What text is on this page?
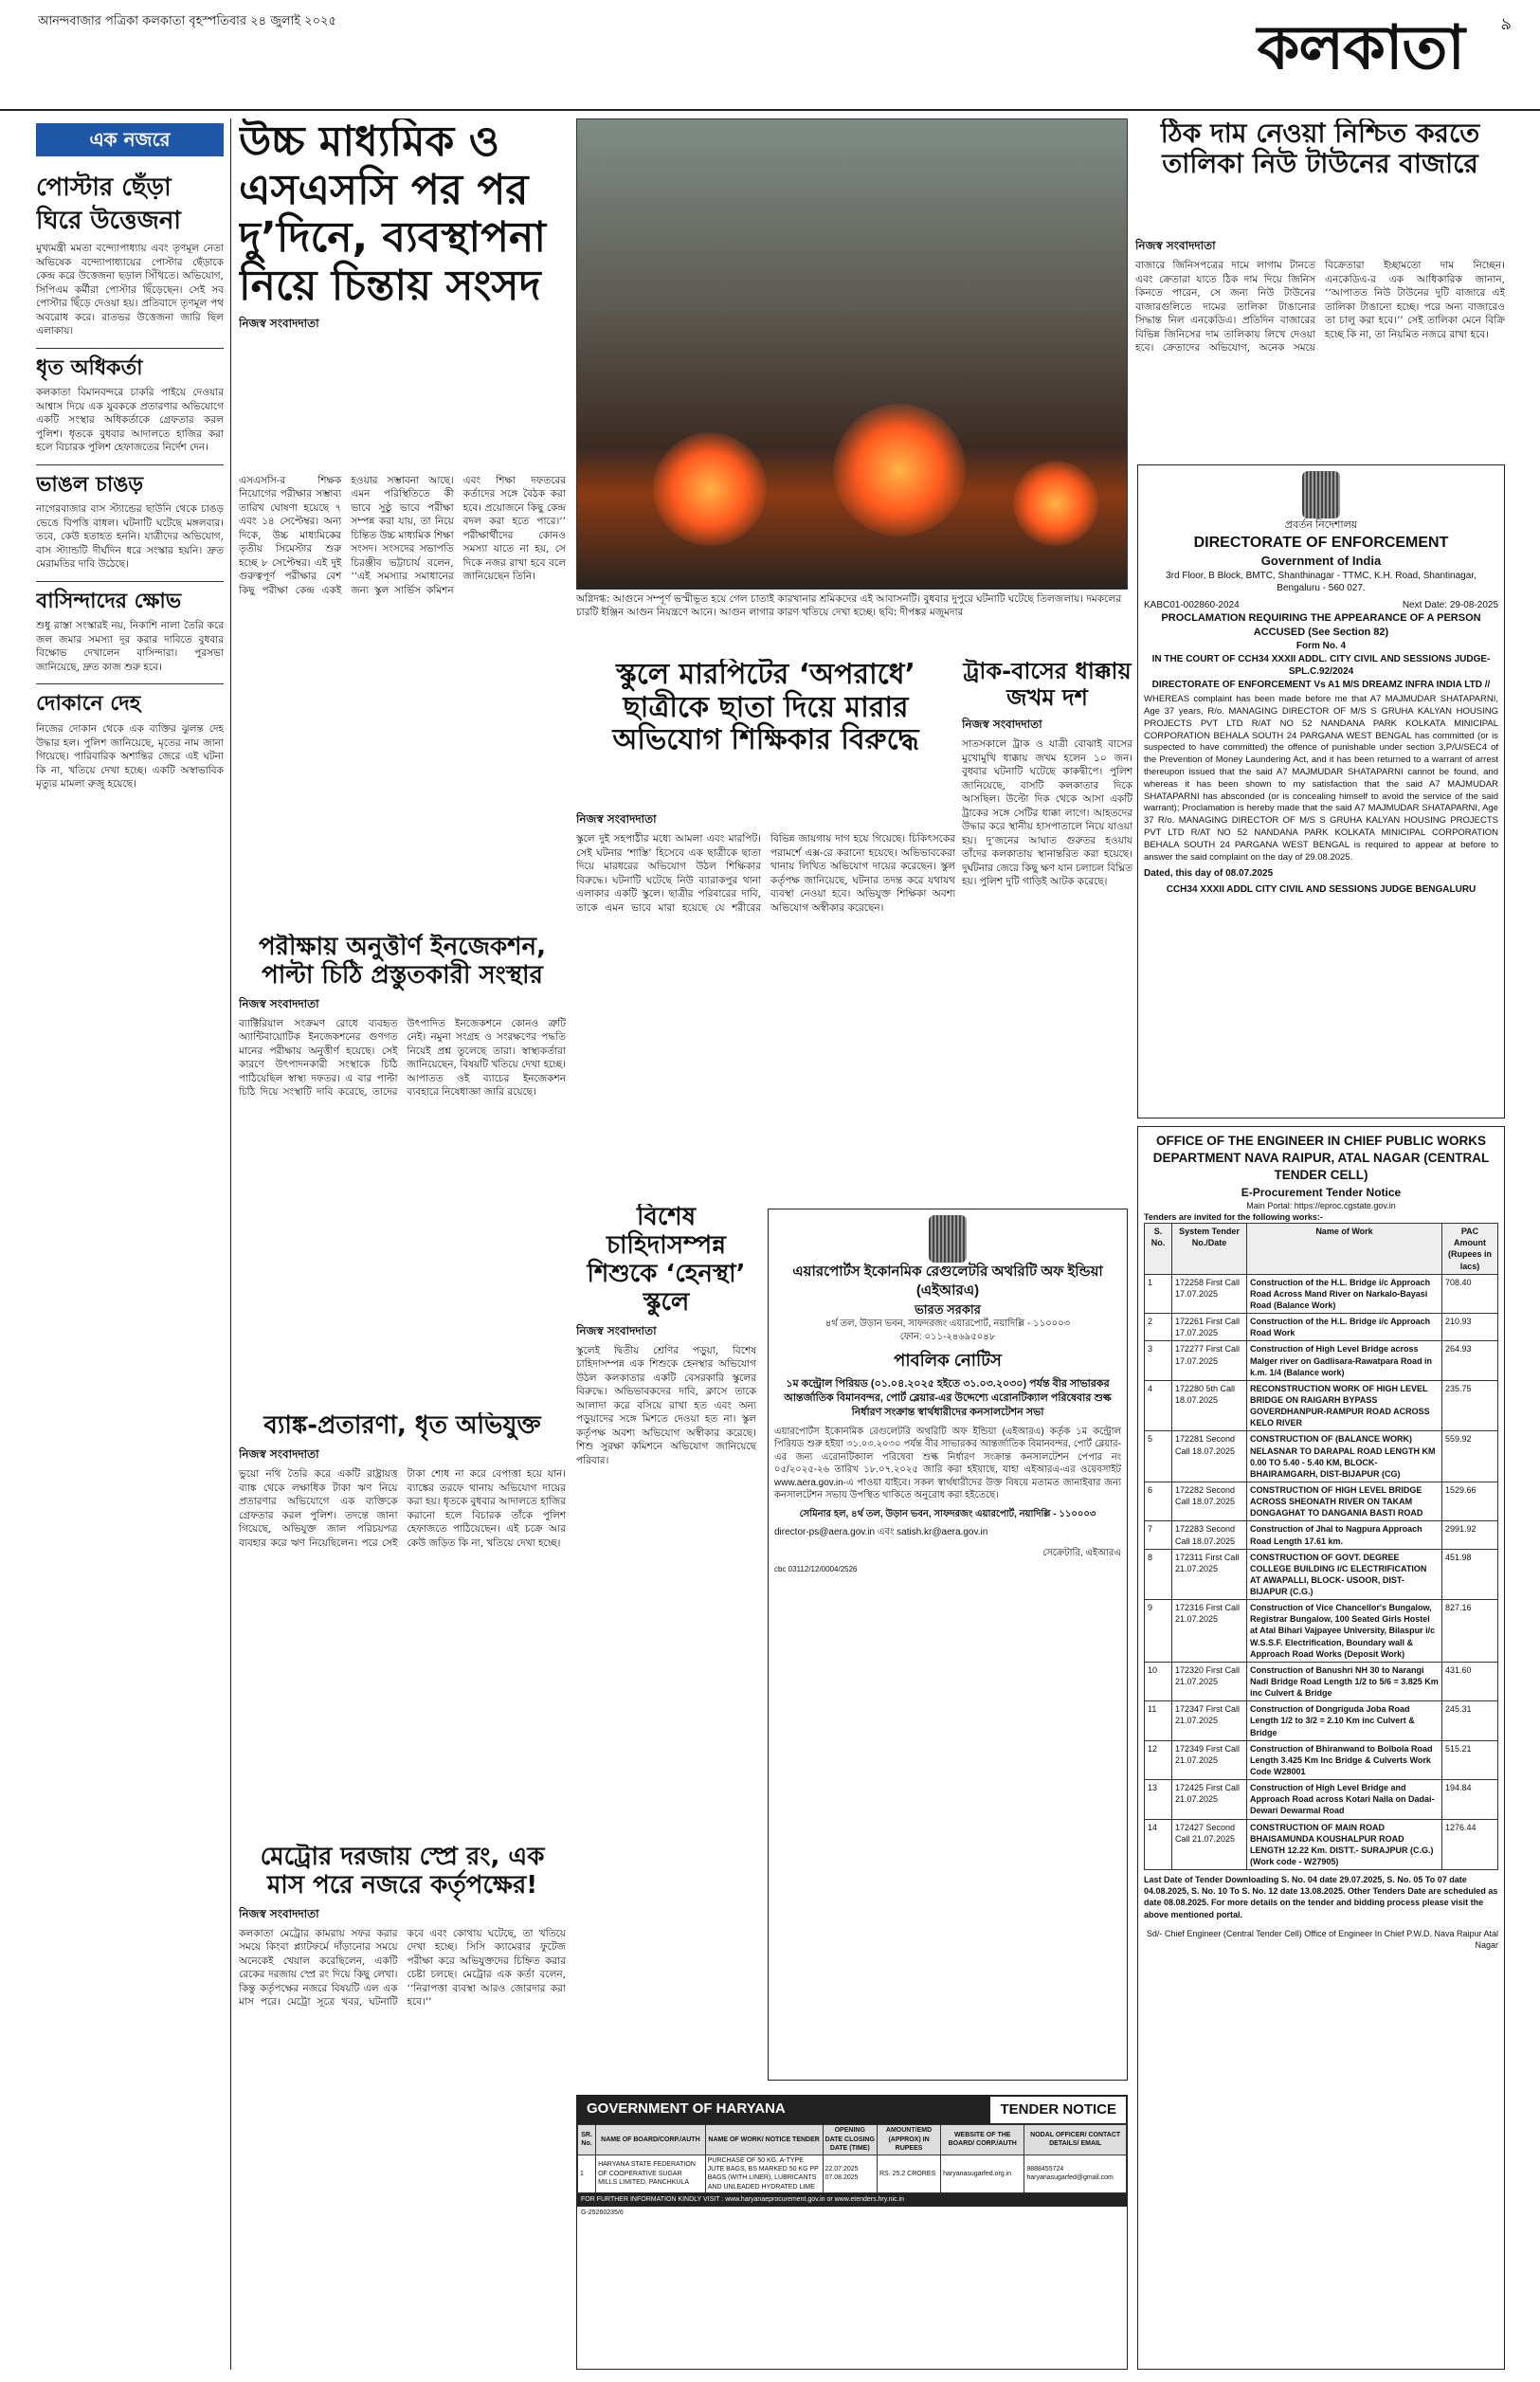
আনন্দবাজার পত্রিকা কলকাতা বৃহস্পতিবার ২৪ জুলাই ২০২৫	কলকাতা ৯
এক নজরে
পোস্টার ছেঁড়া ঘিরে উত্তেজনা
মুখ্যমন্ত্রী মমতা বন্দ্যোপাধ্যায় এবং তৃণমূল নেতা অভিষেক বন্দ্যোপাধ্যায়ের পোস্টার ছেঁড়াকে কেন্দ্র করে উত্তেজনা ছড়াল সিঁথিতে। অভিযোগ, সিপিএম কর্মীরা পোস্টার ছিঁড়েছেন। সেই সব পোস্টার ছিঁড়ে দেওয়া হয়। প্রতিবাদে তৃণমূল পথ অবরোধ করে। রাতভর উত্তেজনা জারি ছিল এলাকায়।
ধৃত অধিকর্তা
কলকাতা বিমানবন্দরে চাকরি পাইয়ে দেওয়ার আশ্বাস দিয়ে এক যুবককে প্রতারণার অভিযোগে একটি সংস্থার অধিকর্তাকে গ্রেফতার করল পুলিশ। ধৃতকে বুধবার আদালতে হাজির করা হলে বিচারক পুলিশ হেফাজতের নির্দেশ দেন।
ভাঙল চাঙড়
নাগেরবাজার বাস স্ট্যান্ডের ছাউনি থেকে চাঙড় ভেঙে বিপত্তি বাধল। ঘটনাটি ঘটেছে মঙ্গলবার। তবে, কেউ হতাহত হননি। যাত্রীদের অভিযোগ, বাস স্ট্যান্ডটি দীর্ঘদিন ধরে সংস্কার হয়নি। দ্রুত মেরামতির দাবি উঠেছে।
বাসিন্দাদের ক্ষোভ
শুধু রাস্তা সংস্কারই নয়, নিকাশি নালা তৈরি করে জল জমার সমস্যা দূর করার দাবিতে বুধবার বিক্ষোভ দেখালেন বাসিন্দারা। পুরসভা জানিয়েছে, দ্রুত কাজ শুরু হবে।
দোকানে দেহ
নিজের দোকান থেকে এক ব্যক্তির ঝুলন্ত দেহ উদ্ধার হল। পুলিশ জানিয়েছে, মৃতের নাম জানা গিয়েছে। পারিবারিক অশান্তির জেরে এই ঘটনা কি না, খতিয়ে দেখা হচ্ছে। একটি অস্বাভাবিক মৃত্যুর মামলা রুজু হয়েছে।
উচ্চ মাধ্যমিক ও এসএসসি পর পর দু’দিনে, ব্যবস্থাপনা নিয়ে চিন্তায় সংসদ
নিজস্ব সংবাদদাতা
এসএসসি-র শিক্ষক নিয়োগের পরীক্ষার সম্ভাব্য তারিখ ঘোষণা হয়েছে ৭ এবং ১৪ সেপ্টেম্বর। অন্য দিকে, উচ্চ মাধ্যমিকের তৃতীয় সিমেস্টার শুরু হচ্ছে ৮ সেপ্টেম্বর। এই দুই গুরুত্বপূর্ণ পরীক্ষার বেশ কিছু পরীক্ষা কেন্দ্র একই হওয়ার সম্ভাবনা আছে। এমন পরিস্থিতিতে কী ভাবে সুষ্ঠু ভাবে পরীক্ষা সম্পন্ন করা যায়, তা নিয়ে চিন্তিত উচ্চ মাধ্যমিক শিক্ষা সংসদ। সংসদের সভাপতি চিরঞ্জীব ভট্টাচার্য বলেন, ‘‘এই সমস্যার সমাধানের জন্য স্কুল সার্ভিস কমিশন এবং শিক্ষা দফতরের কর্তাদের সঙ্গে বৈঠক করা হবে। প্রয়োজনে কিছু কেন্দ্র বদল করা হতে পারে।’’ পরীক্ষার্থীদের কোনও সমস্যা যাতে না হয়, সে দিকে নজর রাখা হবে বলে জানিয়েছেন তিনি।
অগ্নিদগ্ধ: আগুনে সম্পূর্ণ ভস্মীভূত হয়ে গেল চাতাই কারখানার শ্রমিকদের এই আবাসনটি। বুধবার দুপুরে ঘটনাটি ঘটেছে তিলজলায়। দমকলের চারটি ইঞ্জিন আগুন নিয়ন্ত্রণে আনে। আগুন লাগার কারণ খতিয়ে দেখা হচ্ছে। ছবি: দীপঙ্কর মজুমদার
ঠিক দাম নেওয়া নিশ্চিত করতে তালিকা নিউ টাউনের বাজারে
নিজস্ব সংবাদদাতা
বাজারে জিনিসপত্রের দামে লাগাম টানতে এবং ক্রেতারা যাতে ঠিক দাম দিয়ে জিনিস কিনতে পারেন, সে জন্য নিউ টাউনের বাজারগুলিতে দামের তালিকা টাঙানোর সিদ্ধান্ত নিল এনকেডিএ। প্রতিদিন বাজারের বিভিন্ন জিনিসের দাম তালিকায় লিখে দেওয়া হবে। ক্রেতাদের অভিযোগ, অনেক সময়ে বিক্রেতারা ইচ্ছামতো দাম নিচ্ছেন। এনকেডিএ-র এক আধিকারিক জানান, ‘‘আপাতত নিউ টাউনের দুটি বাজারে এই তালিকা টাঙানো হচ্ছে। পরে অন্য বাজারেও তা চালু করা হবে।’’ সেই তালিকা মেনে বিক্রি হচ্ছে কি না, তা নিয়মিত নজরে রাখা হবে।
প্রবর্তন নিদেশালয়
DIRECTORATE OF ENFORCEMENT
Government of India
3rd Floor, B Block, BMTC, Shanthinagar - TTMC, K.H. Road, Shantinagar, Bengaluru - 560 027.
KABC01-002860-2024	Next Date: 29-08-2025
PROCLAMATION REQUIRING THE APPEARANCE OF A PERSON ACCUSED (See Section 82)
Form No. 4
IN THE COURT OF CCH34 XXXII ADDL. CITY CIVIL AND SESSIONS JUDGE-SPL.C.92/2024
DIRECTORATE OF ENFORCEMENT Vs A1 M/S DREAMZ INFRA INDIA LTD //
WHEREAS complaint has been made before me that A7 MAJMUDAR SHATAPARNI, Age 37 years, R/o. MANAGING DIRECTOR OF M/S S GRUHA KALYAN HOUSING PROJECTS PVT LTD R/AT NO 52 NANDANA PARK KOLKATA MINICIPAL CORPORATION BEHALA SOUTH 24 PARGANA WEST BENGAL has committed (or is suspected to have committed) the offence of punishable under section 3,P/U/SEC4 of the Prevention of Money Laundering Act, and it has been returned to a warrant of arrest thereupon issued that the said A7 MAJMUDAR SHATAPARNI cannot be found, and whereas it has been shown to my satisfaction that the said A7 MAJMUDAR SHATAPARNI has absconded (or is concealing himself to avoid the service of the said warrant); Proclamation is hereby made that the said A7 MAJMUDAR SHATAPARNI, Age 37 R/o. MANAGING DIRECTOR OF M/S S GRUHA KALYAN HOUSING PROJECTS PVT LTD R/AT NO 52 NANDANA PARK KOLKATA MINICIPAL CORPORATION BEHALA SOUTH 24 PARGANA WEST BENGAL is required to appear at before to answer the said complaint on the day of 29.08.2025.
Dated, this day of 08.07.2025
CCH34 XXXII ADDL CITY CIVIL AND SESSIONS JUDGE BENGALURU
স্কুলে মারপিটের ‘অপরাধে’ ছাত্রীকে ছাতা দিয়ে মারার অভিযোগ শিক্ষিকার বিরুদ্ধে
নিজস্ব সংবাদদাতা
স্কুলে দুই সহপাঠীর মধ্যে আমলা এবং মারপিট। সেই ঘটনার ‘শাস্তি’ হিসেবে এক ছাত্রীকে ছাতা দিয়ে মারধরের অভিযোগ উঠল শিক্ষিকার বিরুদ্ধে। ঘটনাটি ঘটেছে নিউ ব্যারাকপুর থানা এলাকার একটি স্কুলে। ছাত্রীর পরিবারের দাবি, তাকে এমন ভাবে মারা হয়েছে যে শরীরের বিভিন্ন জায়গায় দাগ হয়ে গিয়েছে। চিকিৎসকের পরামর্শে এক্স-রে করানো হয়েছে। অভিভাবকেরা থানায় লিখিত অভিযোগ দায়ের করেছেন। স্কুল কর্তৃপক্ষ জানিয়েছে, ঘটনার তদন্ত করে যথাযথ ব্যবস্থা নেওয়া হবে। অভিযুক্ত শিক্ষিকা অবশ্য অভিযোগ অস্বীকার করেছেন।
ট্রাক-বাসের ধাক্কায় জখম দশ
নিজস্ব সংবাদদাতা
সাতসকালে ট্রাক ও যাত্রী বোঝাই বাসের মুখোমুখি ধাক্কায় জখম হলেন ১০ জন। বুধবার ঘটনাটি ঘটেছে কাকদ্বীপে। পুলিশ জানিয়েছে, বাসটি কলকাতার দিকে আসছিল। উল্টো দিক থেকে আসা একটি ট্রাকের সঙ্গে সেটির ধাক্কা লাগে। আহতদের উদ্ধার করে স্থানীয় হাসপাতালে নিয়ে যাওয়া হয়। দু’জনের আঘাত গুরুতর হওয়ায় তাঁদের কলকাতায় স্থানান্তরিত করা হয়েছে। দুর্ঘটনার জেরে কিছু ক্ষণ যান চলাচল বিঘ্নিত হয়। পুলিশ দুটি গাড়িই আটক করেছে।
পরীক্ষায় অনুত্তীর্ণ ইনজেকশন, পাল্টা চিঠি প্রস্তুতকারী সংস্থার
নিজস্ব সংবাদদাতা
ব্যাক্টিরিয়াল সংক্রমণ রোধে ব্যবহৃত অ্যান্টিবায়োটিক ইনজেকশনের গুণগত মানের পরীক্ষায় অনুত্তীর্ণ হয়েছে। সেই কারণে উৎপাদনকারী সংস্থাকে চিঠি পাঠিয়েছিল স্বাস্থ্য দফতর। এ বার পাল্টা চিঠি দিয়ে সংস্থাটি দাবি করেছে, তাদের উৎপাদিত ইনজেকশনে কোনও ত্রুটি নেই। নমুনা সংগ্রহ ও সংরক্ষণের পদ্ধতি নিয়েই প্রশ্ন তুলেছে তারা। স্বাস্থ্যকর্তারা জানিয়েছেন, বিষয়টি খতিয়ে দেখা হচ্ছে। আপাতত ওই ব্যাচের ইনজেকশন ব্যবহারে নিষেধাজ্ঞা জারি রয়েছে।
ব্যাঙ্ক-প্রতারণা, ধৃত অভিযুক্ত
নিজস্ব সংবাদদাতা
ভুয়ো নথি তৈরি করে একটি রাষ্ট্রায়ত্ত ব্যাঙ্ক থেকে লক্ষাধিক টাকা ঋণ নিয়ে প্রতারণার অভিযোগে এক ব্যক্তিকে গ্রেফতার করল পুলিশ। তদন্তে জানা গিয়েছে, অভিযুক্ত জাল পরিচয়পত্র ব্যবহার করে ঋণ নিয়েছিলেন। পরে সেই টাকা শোধ না করে বেপাত্তা হয়ে যান। ব্যাঙ্কের তরফে থানায় অভিযোগ দায়ের করা হয়। ধৃতকে বুধবার আদালতে হাজির করানো হলে বিচারক তাঁকে পুলিশ হেফাজতে পাঠিয়েছেন। এই চক্রে আর কেউ জড়িত কি না, খতিয়ে দেখা হচ্ছে।
মেট্রোর দরজায় স্প্রে রং, এক মাস পরে নজরে কর্তৃপক্ষের!
নিজস্ব সংবাদদাতা
কলকাতা মেট্রোর কামরায় সফর করার সময়ে কিংবা প্ল্যাটফর্মে দাঁড়ানোর সময়ে অনেকেই খেয়াল করেছিলেন, একটি রেকের দরজায় স্প্রে রং দিয়ে কিছু লেখা। কিন্তু কর্তৃপক্ষের নজরে বিষয়টি এল এক মাস পরে। মেট্রো সূত্রে খবর, ঘটনাটি কবে এবং কোথায় ঘটেছে, তা খতিয়ে দেখা হচ্ছে। সিসি ক্যামেরার ফুটেজ পরীক্ষা করে অভিযুক্তদের চিহ্নিত করার চেষ্টা চলছে। মেট্রোর এক কর্তা বলেন, ‘‘নিরাপত্তা ব্যবস্থা আরও জোরদার করা হবে।’’
বিশেষ চাহিদাসম্পন্ন শিশুকে ‘হেনস্থা’ স্কুলে
নিজস্ব সংবাদদাতা
স্কুলেই দ্বিতীয় শ্রেণির পড়ুয়া, বিশেষ চাহিদাসম্পন্ন এক শিশুকে হেনস্থার অভিযোগ উঠল কলকাতার একটি বেসরকারি স্কুলের বিরুদ্ধে। অভিভাবকদের দাবি, ক্লাসে তাকে আলাদা করে বসিয়ে রাখা হত এবং অন্য পড়ুয়াদের সঙ্গে মিশতে দেওয়া হত না। স্কুল কর্তৃপক্ষ অবশ্য অভিযোগ অস্বীকার করেছে। শিশু সুরক্ষা কমিশনে অভিযোগ জানিয়েছে পরিবার।
এয়ারপোর্টস ইকোনমিক রেগুলেটরি অথরিটি অফ ইন্ডিয়া (এইআরএ)
ভারত সরকার
৪র্থ তল, উড়ান ভবন, সাফদরজং এয়ারপোর্ট, নয়াদিল্লি - ১১০০০৩
ফোন: ০১১-২৪৬৯৫০৪৮
পাবলিক নোটিস
১ম কন্ট্রোল পিরিয়ড (০১.০৪.২০২৫ হইতে ৩১.০৩.২০৩০) পর্যন্ত বীর সাভারকর আন্তর্জাতিক বিমানবন্দর, পোর্ট ব্লেয়ার-এর উদ্দেশ্যে এরোনটিক্যাল পরিষেবার শুল্ক নির্ধারণ সংক্রান্ত স্বার্থধারীদের কনসালটেশন সভা
এয়ারপোর্টস ইকোনমিক রেগুলেটরি অথরিটি অফ ইন্ডিয়া (এইআরএ) কর্তৃক ১ম কন্ট্রোল পিরিয়ড শুরু হইয়া ৩১.০৩.২০৩০ পর্যন্ত বীর সাভারকর আন্তর্জাতিক বিমানবন্দর, পোর্ট ব্লেয়ার-এর জন্য এরোনটিক্যাল পরিষেবা শুল্ক নির্ধারণ সংক্রান্ত কনসালটেশন পেপার নং ০৫/২০২৫-২৬ তারিখ ১৮.০৭.২০২৫ জারি করা হইয়াছে, যাহা এইআরএ-এর ওয়েবসাইট www.aera.gov.in-এ পাওয়া যাইবে। সকল স্বার্থধারীদের উক্ত বিষয়ে মতামত জানাইবার জন্য কনসালটেশন সভায় উপস্থিত থাকিতে অনুরোধ করা হইতেছে।
সেমিনার হল, ৪র্থ তল, উড়ান ভবন, সাফদরজং এয়ারপোর্ট, নয়াদিল্লি - ১১০০০৩
director-ps@aera.gov.in এবং satish.kr@aera.gov.in
সেক্রেটারি, এইআরএ
cbc 03112/12/0004/2526
GOVERNMENT OF HARYANA	TENDER NOTICE
SR. No.	NAME OF BOARD/CORP./AUTH	NAME OF WORK/ NOTICE TENDER	OPENING DATE CLOSING DATE (TIME)	AMOUNT/EMD (APPROX) IN RUPEES	WEBSITE OF THE BOARD/ CORP./AUTH	NODAL OFFICER/ CONTACT DETAILS/ EMAIL
1	HARYANA STATE FEDERATION OF COOPERATIVE SUGAR MILLS LIMITED, PANCHKULA	PURCHASE OF 50 KG. A-TYPE JUTE BAGS, BS MARKED 50 KG PP BAGS (WITH LINER), LUBRICANTS AND UNLEADED HYDRATED LIME	22.07.2025 07.08.2025	RS. 25.2 CRORES	haryanasugarfed.org.in	9888455724 haryanasugarfed@gmail.com
FOR FURTHER INFORMATION KINDLY VISIT : www.haryanaeprocurement.gov.in or www.etenders.hry.nic.in
G-25260235/6
OFFICE OF THE ENGINEER IN CHIEF PUBLIC WORKS DEPARTMENT NAVA RAIPUR, ATAL NAGAR (CENTRAL TENDER CELL)
E-Procurement Tender Notice
Main Portal: https://eproc.cgstate.gov.in
Tenders are invited for the following works:-
S. No.	System Tender No./Date	Name of Work	PAC Amount (Rupees in lacs)
1	172258 First Call 17.07.2025	Construction of the H.L. Bridge i/c Approach Road Across Mand River on Narkalo-Bayasi Road (Balance Work)	708.40
2	172261 First Call 17.07.2025	Construction of the H.L. Bridge i/c Approach Road Work	210.93
3	172277 First Call 17.07.2025	Construction of High Level Bridge across Malger river on Gadlisara-Rawatpara Road in k.m. 1/4 (Balance work)	264.93
4	172280 5th Call 18.07.2025	RECONSTRUCTION WORK OF HIGH LEVEL BRIDGE ON RAIGARH BYPASS GOVERDHANPUR-RAMPUR ROAD ACROSS KELO RIVER	235.75
5	172281 Second Call 18.07.2025	CONSTRUCTION OF (BALANCE WORK) NELASNAR TO DARAPAL ROAD LENGTH KM 0.00 TO 5.40 - 5.40 KM, BLOCK- BHAIRAMGARH, DIST-BIJAPUR (CG)	559.92
6	172282 Second Call 18.07.2025	CONSTRUCTION OF HIGH LEVEL BRIDGE ACROSS SHEONATH RIVER ON TAKAM DONGAGHAT TO DANGANIA BASTI ROAD	1529.66
7	172283 Second Call 18.07.2025	Construction of Jhal to Nagpura Approach Road Length 17.61 km.	2991.92
8	172311 First Call 21.07.2025	CONSTRUCTION OF GOVT. DEGREE COLLEGE BUILDING I/C ELECTRIFICATION AT AWAPALLI, BLOCK- USOOR, DIST- BIJAPUR (C.G.)	451.98
9	172316 First Call 21.07.2025	Construction of Vice Chancellor's Bungalow, Registrar Bungalow, 100 Seated Girls Hostel at Atal Bihari Vajpayee University, Bilaspur i/c W.S.S.F. Electrification, Boundary wall & Approach Road Works (Deposit Work)	827.16
10	172320 First Call 21.07.2025	Construction of Banushri NH 30 to Narangi Nadi Bridge Road Length 1/2 to 5/6 = 3.825 Km inc Culvert & Bridge	431.60
11	172347 First Call 21.07.2025	Construction of Dongriguda Joba Road Length 1/2 to 3/2 = 2.10 Km inc Culvert & Bridge	245.31
12	172349 First Call 21.07.2025	Construction of Bhiranwand to Bolbola Road Length 3.425 Km Inc Bridge & Culverts Work Code W28001	515.21
13	172425 First Call 21.07.2025	Construction of High Level Bridge and Approach Road across Kotari Nalla on Dadai-Dewari Dewarmal Road	194.84
14	172427 Second Call 21.07.2025	CONSTRUCTION OF MAIN ROAD BHAISAMUNDA KOUSHALPUR ROAD LENGTH 12.22 Km. DISTT.- SURAJPUR (C.G.) (Work code - W27905)	1276.44
Last Date of Tender Downloading S. No. 04 date 29.07.2025, S. No. 05 To 07 date 04.08.2025, S. No. 10 To S. No. 12 date 13.08.2025. Other Tenders Date are scheduled as date 08.08.2025. For more details on the tender and bidding process please visit the above mentioned portal.
Sd/- Chief Engineer (Central Tender Cell) Office of Engineer In Chief P.W.D. Nava Raipur Atal Nagar
